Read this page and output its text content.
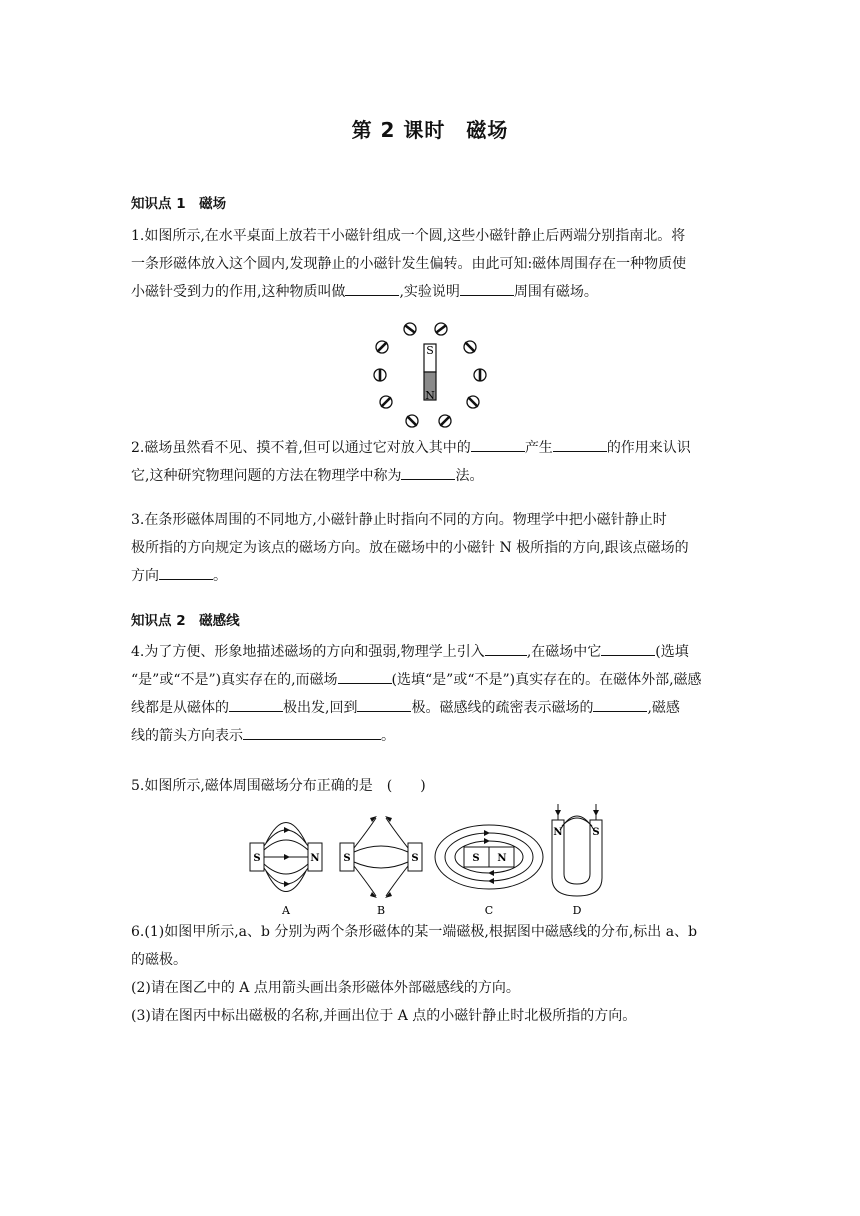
第 2 课时　磁场
知识点 1　磁场
1.如图所示,在水平桌面上放若干小磁针组成一个圆,这些小磁针静止后两端分别指南北。将
一条形磁体放入这个圆内,发现静止的小磁针发生偏转。由此可知:磁体周围存在一种物质使
小磁针受到力的作用,这种物质叫做	,实验说明	周围有磁场。
S
N
2.磁场虽然看不见、摸不着,但可以通过它对放入其中的	产生	的作用来认识
它,这种研究物理问题的方法在物理学中称为	法。
3.在条形磁体周围的不同地方,小磁针静止时指向不同的方向。物理学中把小磁针静止时
极所指的方向规定为该点的磁场方向。放在磁场中的小磁针 N 极所指的方向,跟该点磁场的
方向	。
知识点 2　磁感线
4.为了方便、形象地描述磁场的方向和强弱,物理学上引入	,在磁场中它	(选填
“是”或“不是”)真实存在的,而磁场	(选填“是”或“不是”)真实存在的。在磁体外部,磁感
线都是从磁体的	极出发,回到	极。磁感线的疏密表示磁场的	,磁感
线的箭头方向表示	。
5.如图所示,磁体周围磁场分布正确的是　(　　)
S	N S	S	S N
N	S
A	B	C	D
6.(1)如图甲所示,a、b 分别为两个条形磁体的某一端磁极,根据图中磁感线的分布,标出 a、b
的磁极。
(2)请在图乙中的 A 点用箭头画出条形磁体外部磁感线的方向。
(3)请在图丙中标出磁极的名称,并画出位于 A 点的小磁针静止时北极所指的方向。
